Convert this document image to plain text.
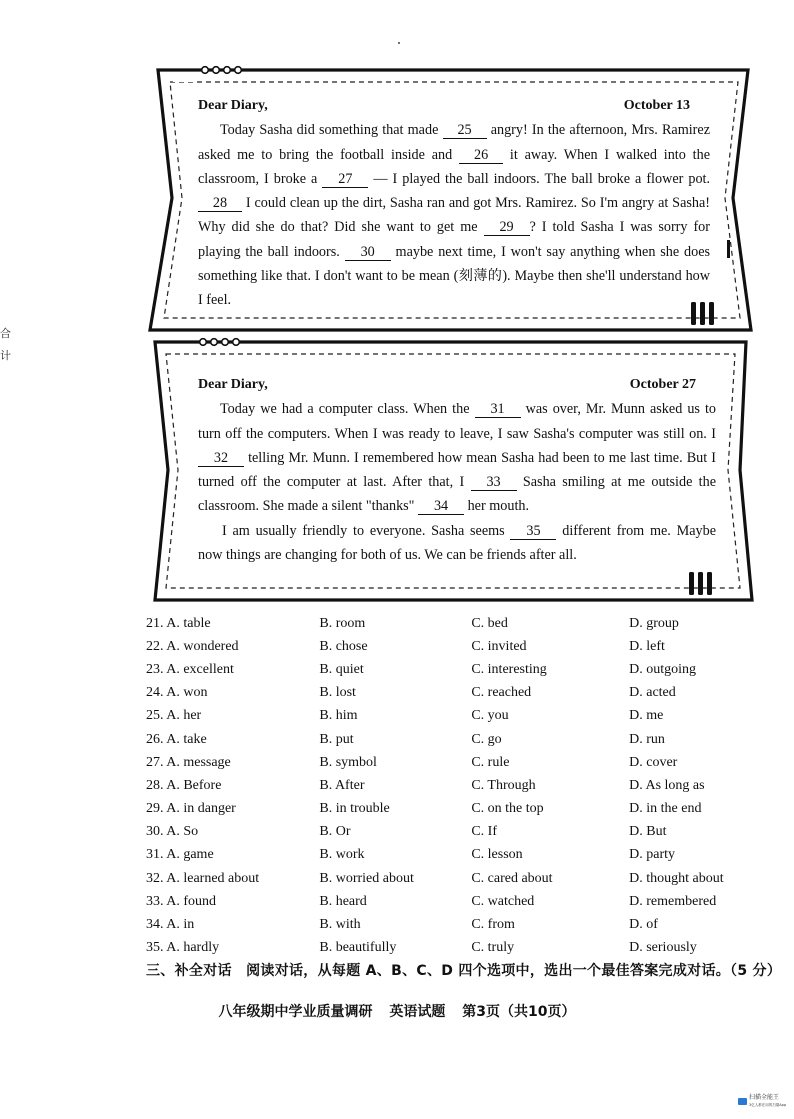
合
计
Dear Diary,	October 13
Today Sasha did something that made 25 angry! In the afternoon, Mrs. Ramirez asked me to bring the football inside and 26 it away. When I walked into the classroom, I broke a 27 — I played the ball indoors. The ball broke a flower pot. 28 I could clean up the dirt, Sasha ran and got Mrs. Ramirez. So I'm angry at Sasha! Why did she do that? Did she want to get me 29 ? I told Sasha I was sorry for playing the ball indoors. 30 maybe next time, I won't say anything when she does something like that. I don't want to be mean (刻薄的). Maybe then she'll understand how I feel.
Dear Diary,	October 27
Today we had a computer class. When the 31 was over, Mr. Munn asked us to turn off the computers. When I was ready to leave, I saw Sasha's computer was still on. I 32 telling Mr. Munn. I remembered how mean Sasha had been to me last time. But I turned off the computer at last. After that, I 33 Sasha smiling at me outside the classroom. She made a silent "thanks" 34 her mouth.
I am usually friendly to everyone. Sasha seems 35 different from me. Maybe now things are changing for both of us. We can be friends after all.
21. A. table	B. room	C. bed	D. group
22. A. wondered	B. chose	C. invited	D. left
23. A. excellent	B. quiet	C. interesting	D. outgoing
24. A. won	B. lost	C. reached	D. acted
25. A. her	B. him	C. you	D. me
26. A. take	B. put	C. go	D. run
27. A. message	B. symbol	C. rule	D. cover
28. A. Before	B. After	C. Through	D. As long as
29. A. in danger	B. in trouble	C. on the top	D. in the end
30. A. So	B. Or	C. If	D. But
31. A. game	B. work	C. lesson	D. party
32. A. learned about	B. worried about	C. cared about	D. thought about
33. A. found	B. heard	C. watched	D. remembered
34. A. in	B. with	C. from	D. of
35. A. hardly	B. beautifully	C. truly	D. seriously
三、补全对话　阅读对话，从每题 A、B、C、D 四个选项中，选出一个最佳答案完成对话。（5 分）
八年级期中学业质量调研 英语试题 第3页（共10页）
扫描全能王
3亿人都在用的扫描App
